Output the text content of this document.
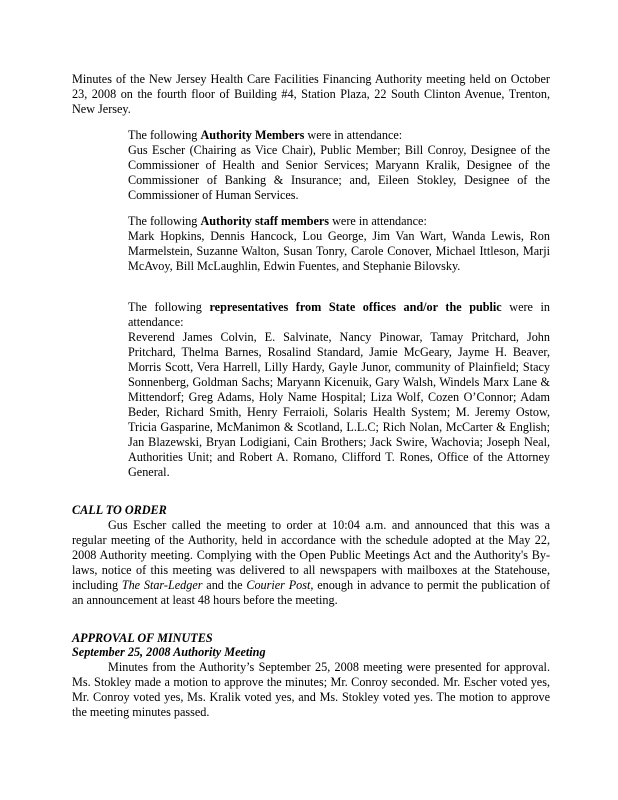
Minutes of the New Jersey Health Care Facilities Financing Authority meeting held on October 23, 2008 on the fourth floor of Building #4, Station Plaza, 22 South Clinton Avenue, Trenton, New Jersey.

The following Authority Members were in attendance:
Gus Escher (Chairing as Vice Chair), Public Member; Bill Conroy, Designee of the Commissioner of Health and Senior Services; Maryann Kralik, Designee of the Commissioner of Banking & Insurance; and, Eileen Stokley, Designee of the Commissioner of Human Services.
The following Authority staff members were in attendance:
Mark Hopkins, Dennis Hancock, Lou George, Jim Van Wart, Wanda Lewis, Ron Marmelstein, Suzanne Walton, Susan Tonry, Carole Conover, Michael Ittleson, Marji McAvoy, Bill McLaughlin, Edwin Fuentes, and Stephanie Bilovsky.
The following representatives from State offices and/or the public were in attendance:
Reverend James Colvin, E. Salvinate, Nancy Pinowar, Tamay Pritchard, John Pritchard, Thelma Barnes, Rosalind Standard, Jamie McGeary, Jayme H. Beaver, Morris Scott, Vera Harrell, Lilly Hardy, Gayle Junor, community of Plainfield; Stacy Sonnenberg, Goldman Sachs; Maryann Kicenuik, Gary Walsh, Windels Marx Lane & Mittendorf; Greg Adams, Holy Name Hospital; Liza Wolf, Cozen O’Connor; Adam Beder, Richard Smith, Henry Ferraioli, Solaris Health System; M. Jeremy Ostow, Tricia Gasparine, McManimon & Scotland, L.L.C; Rich Nolan, McCarter & English; Jan Blazewski, Bryan Lodigiani, Cain Brothers; Jack Swire, Wachovia; Joseph Neal, Authorities Unit; and Robert A. Romano, Clifford T. Rones, Office of the Attorney General.

CALL TO ORDER

Gus Escher called the meeting to order at 10:04 a.m. and announced that this was a regular meeting of the Authority, held in accordance with the schedule adopted at the May 22, 2008 Authority meeting. Complying with the Open Public Meetings Act and the Authority's By-laws, notice of this meeting was delivered to all newspapers with mailboxes at the Statehouse, including The Star-Ledger and the Courier Post, enough in advance to permit the publication of an announcement at least 48 hours before the meeting.

APPROVAL OF MINUTES

September 25, 2008 Authority Meeting

Minutes from the Authority’s September 25, 2008 meeting were presented for approval. Ms. Stokley made a motion to approve the minutes; Mr. Conroy seconded. Mr. Escher voted yes, Mr. Conroy voted yes, Ms. Kralik voted yes, and Ms. Stokley voted yes. The motion to approve the meeting minutes passed.
